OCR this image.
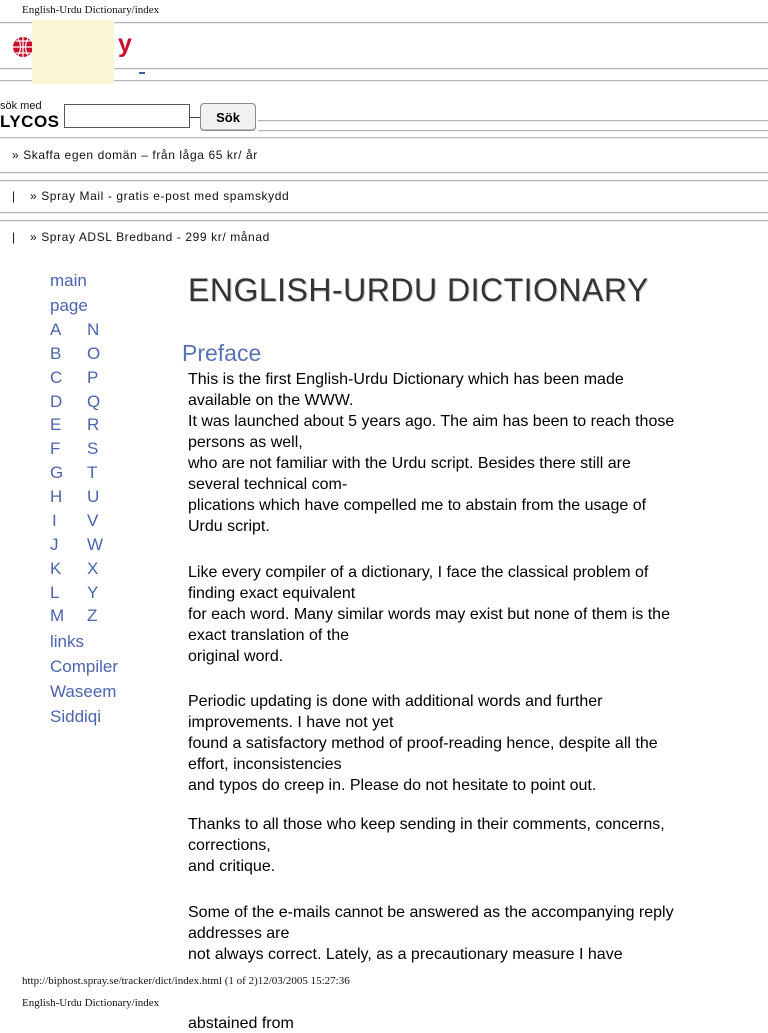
English-Urdu Dictionary/index
y
sök med
LYCOS	Sök
» Skaffa egen domän – från låga 65 kr/ år
| » Spray Mail - gratis e-post med spamskydd
| » Spray ADSL Bredband - 299 kr/ månad
main
page
A
B
C
D
E
F
G
H
I
J
K
L
M
N
O
P
Q
R
S
T
U
V
W
X
Y
Z
links
Compiler
Waseem
Siddiqi
ENGLISH-URDU DICTIONARY
Preface
This is the first English-Urdu Dictionary which has been made
available on the WWW.
It was launched about 5 years ago. The aim has been to reach those
persons as well,
who are not familiar with the Urdu script. Besides there still are
several technical com-
plications which have compelled me to abstain from the usage of
Urdu script.
Like every compiler of a dictionary, I face the classical problem of
finding exact equivalent
for each word. Many similar words may exist but none of them is the
exact translation of the
original word.
Periodic updating is done with additional words and further
improvements. I have not yet
found a satisfactory method of proof-reading hence, despite all the
effort, inconsistencies
and typos do creep in. Please do not hesitate to point out.
Thanks to all those who keep sending in their comments, concerns,
corrections,
and critique.
Some of the e-mails cannot be answered as the accompanying reply
addresses are
not always correct. Lately, as a precautionary measure I have
http://biphost.spray.se/tracker/dict/index.html (1 of 2)12/03/2005 15:27:36
English-Urdu Dictionary/index
abstained from
